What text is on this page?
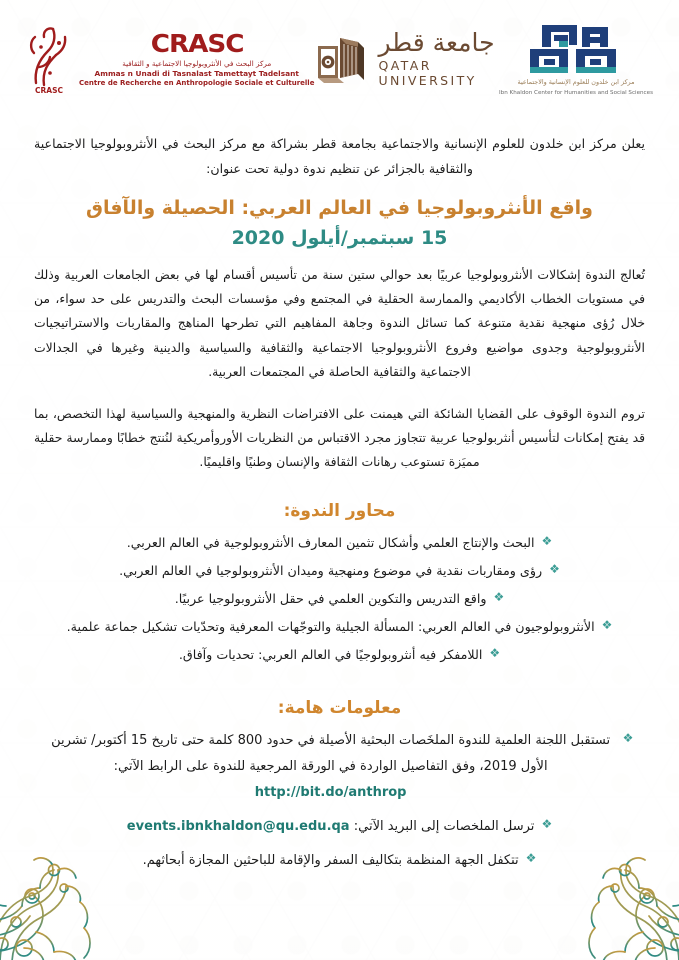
CRASC
CRASC
مركز البحث في الأنثروبولوجيا الاجتماعية و الثقافية
Ammas n Unadi di Tasnalast Tamettayt Tadelsant
Centre de Recherche en Anthropologie Sociale et Culturelle
جامعة قطر
QATAR UNIVERSITY	مركز ابن خلدون للعلوم الإنسانية والاجتماعية
Ibn Khaldon Center for Humanities and Social Sciences

يعلن مركز ابن خلدون للعلوم الإنسانية والاجتماعية بجامعة قطر بشراكة مع مركز البحث في الأنثروبولوجيا الاجتماعية والثقافية بالجزائر عن تنظيم ندوة دولية تحت عنوان:

واقع الأنثروبولوجيا في العالم العربي: الحصيلة والآفاق
15 سبتمبر/أيلول 2020

تُعالج الندوة إشكالات الأنثروبولوجيا عربيًا بعد حوالي ستين سنة من تأسيس أقسام لها في بعض الجامعات العربية وذلك في مستويات الخطاب الأكاديمي والممارسة الحقلية في المجتمع وفي مؤسسات البحث والتدريس على حد سواء، من خلال رُؤى منهجية نقدية متنوعة كما تسائل الندوة وجاهة المفاهيم التي تطرحها المناهج والمقاربات والاستراتيجيات الأنثروبولوجية وجدوى مواضيع وفروع الأنثروبولوجيا الاجتماعية والثقافية والسياسية والدينية وغيرها في الجدالات الاجتماعية والثقافية الحاصلة في المجتمعات العربية.

تروم الندوة الوقوف على القضايا الشائكة التي هيمنت على الافتراضات النظرية والمنهجية والسياسية لهذا التخصص، بما قد يفتح إمكانات لتأسيس أنثربولوجيا عربية تتجاوز مجرد الاقتباس من النظريات الأوروأمريكية لنُنتج خطابًا وممارسة حقلية مميَزة تستوعب رهانات الثقافة والإنسان وطنيًا واقليميًا.

محاور الندوة:
❖
البحث والإنتاج العلمي وأشكال تثمين المعارف الأنثروبولوجية في العالم العربي.
❖
رؤى ومقاربات نقدية في موضوع ومنهجية وميدان الأنثروبولوجيا في العالم العربي.
❖
واقع التدريس والتكوين العلمي في حقل الأنثروبولوجيا عربيًا.
❖
الأنثروبولوجيون في العالم العربي: المسألة الجيلية والتوجّهات المعرفية وتحدّيات تشكيل جماعة علمية.
❖
اللامفكر فيه أنثروبولوجيًا في العالم العربي: تحديات وآفاق.
معلومات هامة:
❖
تستقبل اللجنة العلمية للندوة الملخَصات البحثية الأصيلة في حدود 800 كلمة حتى تاريخ 15 أكتوبر/ تشرين الأول 2019، وفق التفاصيل الواردة في الورقة المرجعية للندوة على الرابط الآتي: http://bit.do/anthrop
❖
ترسل الملخصات إلى البريد الآتي: events.ibnkhaldon@qu.edu.qa
❖
تتكفل الجهة المنظمة بتكاليف السفر والإقامة للباحثين المجازة أبحاثهم.
